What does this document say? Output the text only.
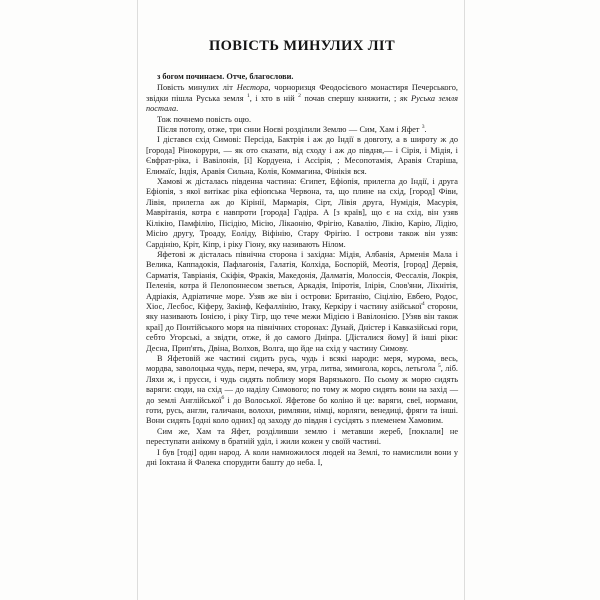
ПОВІСТЬ МИНУЛИХ ЛІТ

з богом починаєм. Отче, благослови.

Повість минулих літ Нестора, чорноризця Феодосієвого монастиря Печерського, звідки пішла Руська земля $^1$, і хто в ній $^2$ почав спершу княжити, ; як Руська земля постала.

Тож почнемо повість оцю.

Після потопу, отже, три сини Ноєві розділили Землю — Сим, Хам і Яфет $^3$.

І дістався схід Симові: Персіда, Бактрія і аж до Індії в довготу, а в широту ж до [города] Рінокорури, — як ото сказати, від сходу і аж до півдня,— і Сірія, і Мідія, і Євфрат-ріка, і Вавілонія, [і] Кордуена, і Ассірія, ; Месопотамія, Аравія Старіша, Елимаїс, Індія, Аравія Сильна, Колія, Коммагина, Фінікія вся.

Хамові ж дісталась південна частина: Єгипет, Ефіопія, прилегла до Індії, і друга Ефіопія, з якої витікає ріка ефіопська Червона, та, що плине на схід, [город] Фіви, Лівія, прилегла аж до Кірінії, Мармарія, Сірт, Лівія друга, Нумідія, Масурія, Маврітанія, котра є навпроти [города] Гадіра. А [з країв], що є на схід, він узяв Кілікію, Памфілію, Пісідію, Місію, Лікаонію, Фрігію, Кавалію, Лікію, Карію, Лідію, Місію другу, Троаду, Еоліду, Віфінію, Стару Фрігію. І острови також він узяв: Сардінію, Кріт, Кіпр, і ріку Гіону, яку називають Нілом.

Яфетові ж дісталась північна сторона і західна: Мідія, Албанія, Арменія Мала і Велика, Каппадокія, Пафлагонія, Галатія, Колхіда, Боспорій, Меотія, [город] Дервія, Сарматія, Тавріанія, Скіфія, Фракія, Македонія, Далматія, Молоссія, Фессалія, Локрія, Пеленія, котра й Пелопоннесом зветься, Аркадія, Іпіротія, Ілірія, Слов'яни, Ліхнітія, Адріакія, Адріатичне море. Узяв же він і острови: Британію, Сіцілію, Евбею, Родос, Хіос, Лесбос, Кіферу, Закінф, Кефаллінію, Ітаку, Керкіру і частину азійської$^4$ сторони, яку називають Іонією, і ріку Тігр, що тече межи Мідією і Вавілонією. [Узяв він також краї] до Понтійського моря на північних сторонах: Дунай, Дністер і Кавказійські гори, себто Угорські, а звідти, отже, й до самого Дніпра. [Дісталися йому] й інші ріки: Десна, Прип'ять, Двіна, Волхов, Волга, що йде на схід у частину Симову.

В Яфетовій же частині сидить русь, чудь і всякі народи: меря, мурома, весь, мордва, заволоцька чудь, перм, печера, ям, угра, литва, зимигола, корсь, летьгола $^5$, ліб. Ляхи ж, і прусси, і чудь сидять поблизу моря Варязького. По сьому ж морю сидять варяги: сюди, на схід — до наділу Симового; по тому ж морю сидять вони на захід — до землі Англійської$^6$ і до Волоської. Яфетове бо коліно й це: варяги, свеї, нормани, готи, русь, англи, галичани, волохи, римляни, німці, корляги, венедиці, фряги та інші. Вони сидять [одні коло одних] од заходу до півдня і сусідять з племенем Хамовим.

Сим же, Хам та Яфет, розділивши землю і метавши жереб, [поклали] не переступати анікому в братній уділ, і жили кожен у своїй частині.

І був [тоді] один народ. А коли намножилося людей на Землі, то намислили вони у дні Іоктана й Фалека спорудити башту до неба. І,
